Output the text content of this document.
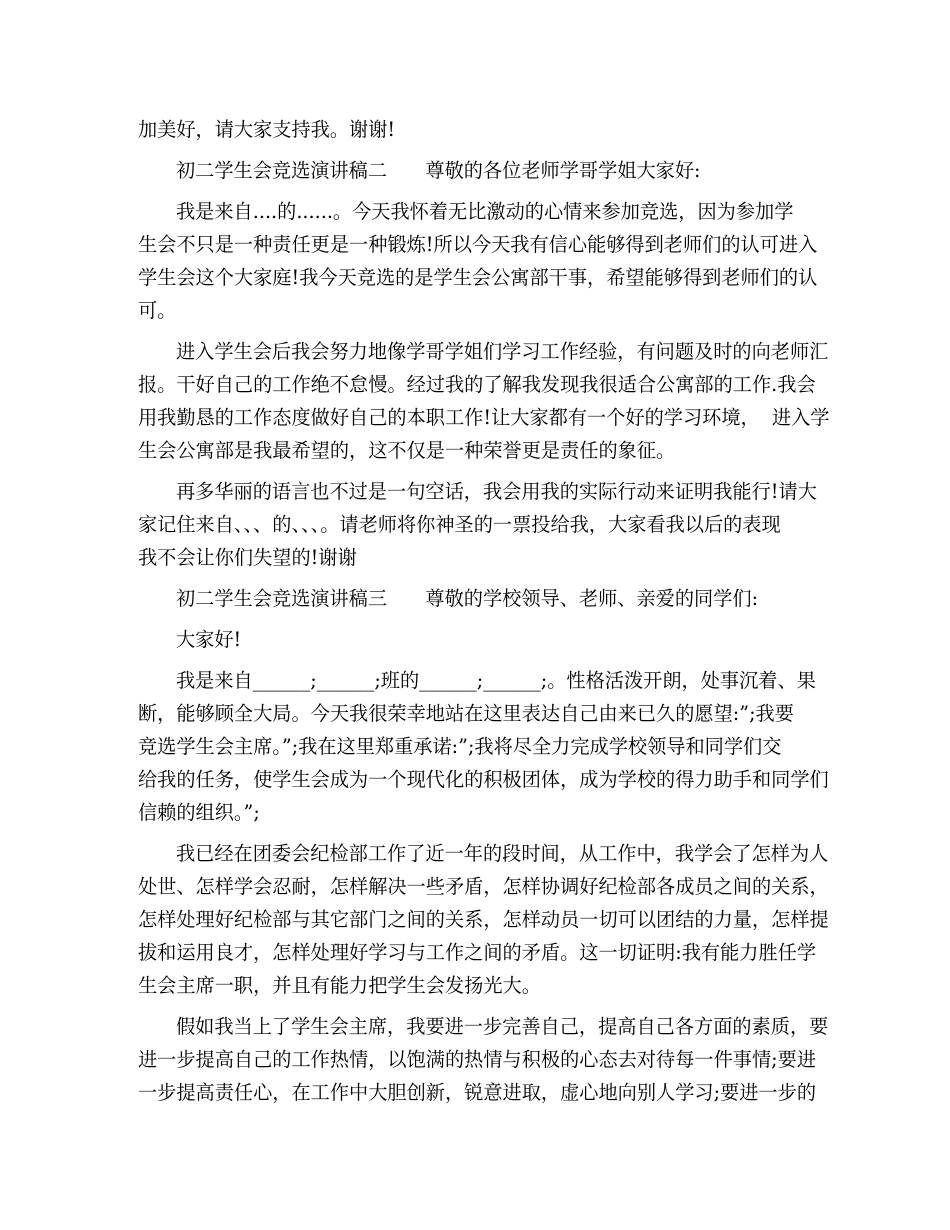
加美好，请大家支持我。谢谢!
初二学生会竞选演讲稿二　　尊敬的各位老师学哥学姐大家好:
我是来自....的......。今天我怀着无比激动的心情来参加竞选，因为参加学
生会不只是一种责任更是一种锻炼!所以今天我有信心能够得到老师们的认可进入
学生会这个大家庭!我今天竞选的是学生会公寓部干事，希望能够得到老师们的认
可。
进入学生会后我会努力地像学哥学姐们学习工作经验，有问题及时的向老师汇
报。干好自己的工作绝不怠慢。经过我的了解我发现我很适合公寓部的工作.我会
用我勤恳的工作态度做好自己的本职工作!让大家都有一个好的学习环境，  进入学
生会公寓部是我最希望的，这不仅是一种荣誉更是责任的象征。
再多华丽的语言也不过是一句空话，我会用我的实际行动来证明我能行!请大
家记住来自、、、的、、、。请老师将你神圣的一票投给我，大家看我以后的表现
我不会让你们失望的!谢谢
初二学生会竞选演讲稿三　　尊敬的学校领导、老师、亲爱的同学们:
大家好!
我是来自______;______;班的______;______;。性格活泼开朗，处事沉着、果
断，能够顾全大局。今天我很荣幸地站在这里表达自己由来已久的愿望:”;我要
竞选学生会主席。”;我在这里郑重承诺:”;我将尽全力完成学校领导和同学们交
给我的任务，使学生会成为一个现代化的积极团体，成为学校的得力助手和同学们
信赖的组织。”;
我已经在团委会纪检部工作了近一年的段时间，从工作中，我学会了怎样为人
处世、怎样学会忍耐，怎样解决一些矛盾，怎样协调好纪检部各成员之间的关系，
怎样处理好纪检部与其它部门之间的关系，怎样动员一切可以团结的力量，怎样提
拔和运用良才，怎样处理好学习与工作之间的矛盾。这一切证明:我有能力胜任学
生会主席一职，并且有能力把学生会发扬光大。
假如我当上了学生会主席，我要进一步完善自己，提高自己各方面的素质，要
进一步提高自己的工作热情，以饱满的热情与积极的心态去对待每一件事情;要进
一步提高责任心，在工作中大胆创新，锐意进取，虚心地向别人学习;要进一步的
